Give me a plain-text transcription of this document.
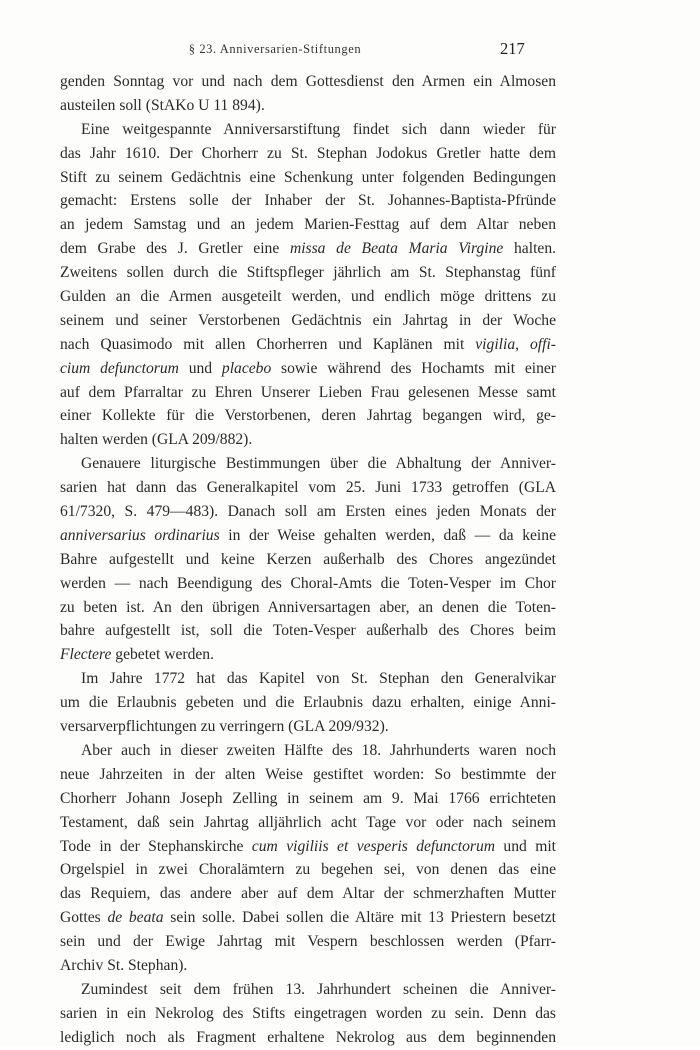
§ 23. Anniversarien-Stiftungen	217
genden Sonntag vor und nach dem Gottesdienst den Armen ein Almosen
austeilen soll (StAKo U 11 894).
Eine weitgespannte Anniversarstiftung findet sich dann wieder für
das Jahr 1610. Der Chorherr zu St. Stephan Jodokus Gretler hatte dem
Stift zu seinem Gedächtnis eine Schenkung unter folgenden Bedingungen
gemacht: Erstens solle der Inhaber der St. Johannes-Baptista-Pfründe
an jedem Samstag und an jedem Marien-Festtag auf dem Altar neben
dem Grabe des J. Gretler eine missa de Beata Maria Virgine halten.
Zweitens sollen durch die Stiftspfleger jährlich am St. Stephanstag fünf
Gulden an die Armen ausgeteilt werden, und endlich möge drittens zu
seinem und seiner Verstorbenen Gedächtnis ein Jahrtag in der Woche
nach Quasimodo mit allen Chorherren und Kaplänen mit vigilia, offi-
cium defunctorum und placebo sowie während des Hochamts mit einer
auf dem Pfarraltar zu Ehren Unserer Lieben Frau gelesenen Messe samt
einer Kollekte für die Verstorbenen, deren Jahrtag begangen wird, ge-
halten werden (GLA 209/882).
Genauere liturgische Bestimmungen über die Abhaltung der Anniver-
sarien hat dann das Generalkapitel vom 25. Juni 1733 getroffen (GLA
61/7320, S. 479—483). Danach soll am Ersten eines jeden Monats der
anniversarius ordinarius in der Weise gehalten werden, daß — da keine
Bahre aufgestellt und keine Kerzen außerhalb des Chores angezündet
werden — nach Beendigung des Choral-Amts die Toten-Vesper im Chor
zu beten ist. An den übrigen Anniversartagen aber, an denen die Toten-
bahre aufgestellt ist, soll die Toten-Vesper außerhalb des Chores beim
Flectere gebetet werden.
Im Jahre 1772 hat das Kapitel von St. Stephan den Generalvikar
um die Erlaubnis gebeten und die Erlaubnis dazu erhalten, einige Anni-
versarverpflichtungen zu verringern (GLA 209/932).
Aber auch in dieser zweiten Hälfte des 18. Jahrhunderts waren noch
neue Jahrzeiten in der alten Weise gestiftet worden: So bestimmte der
Chorherr Johann Joseph Zelling in seinem am 9. Mai 1766 errichteten
Testament, daß sein Jahrtag alljährlich acht Tage vor oder nach seinem
Tode in der Stephanskirche cum vigiliis et vesperis defunctorum und mit
Orgelspiel in zwei Choralämtern zu begehen sei, von denen das eine
das Requiem, das andere aber auf dem Altar der schmerzhaften Mutter
Gottes de beata sein solle. Dabei sollen die Altäre mit 13 Priestern besetzt
sein und der Ewige Jahrtag mit Vespern beschlossen werden (Pfarr-
Archiv St. Stephan).
Zumindest seit dem frühen 13. Jahrhundert scheinen die Anniver-
sarien in ein Nekrolog des Stifts eingetragen worden zu sein. Denn das
lediglich noch als Fragment erhaltene Nekrolog aus dem beginnenden
